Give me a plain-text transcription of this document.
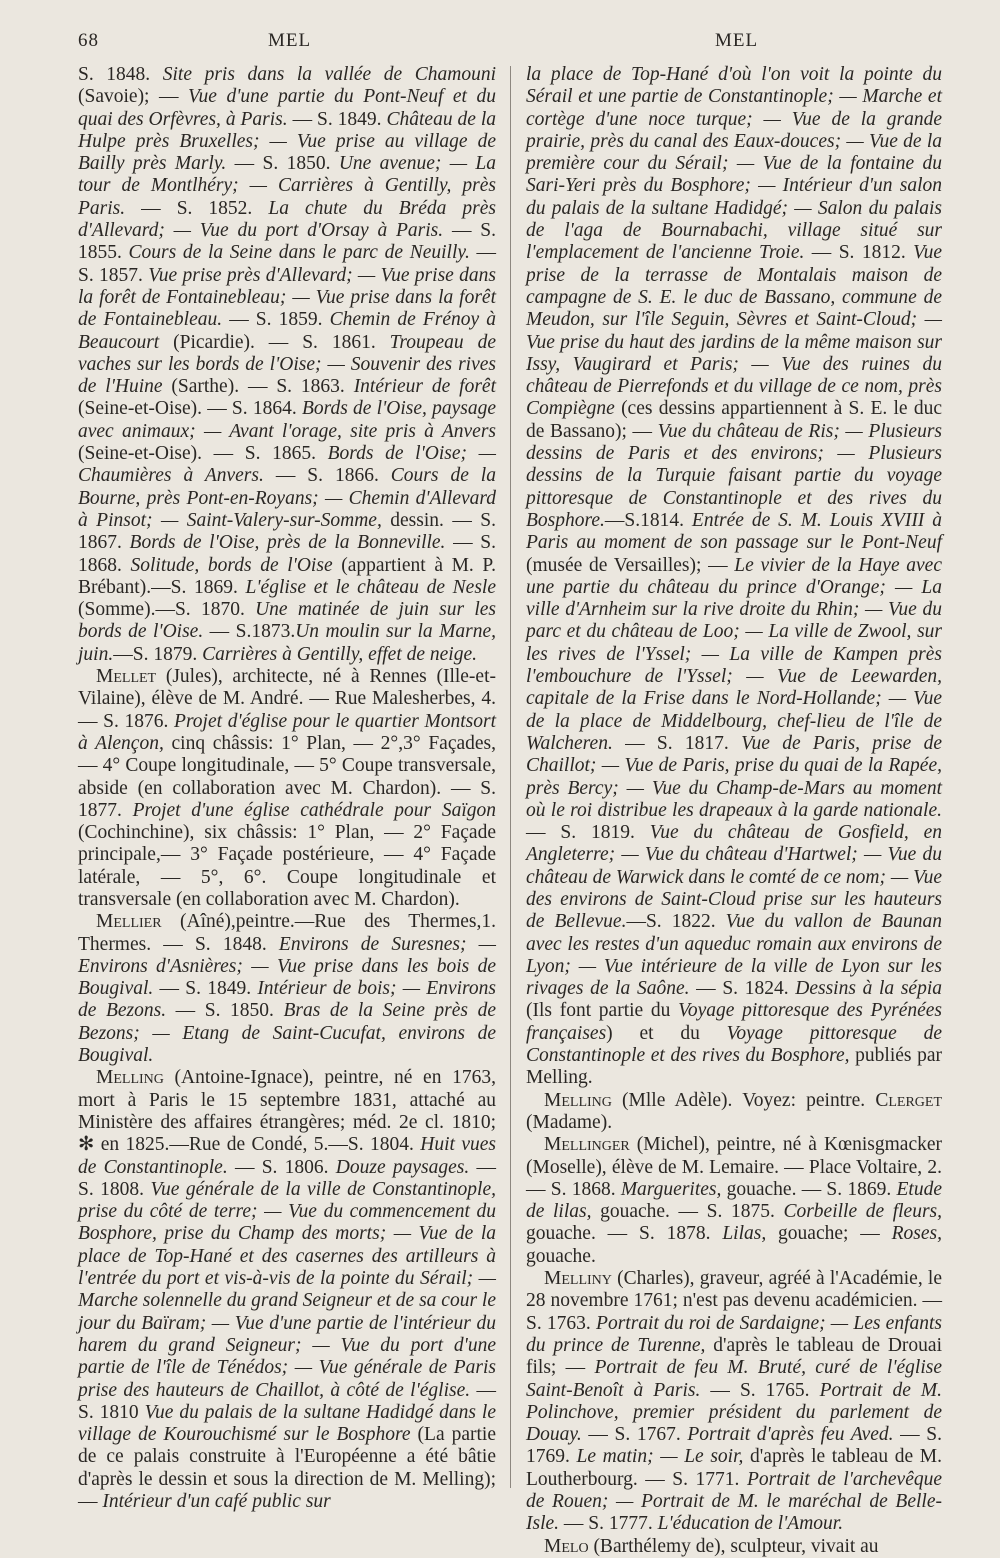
68	MEL	MEL

S. 1848. Site pris dans la vallée de Chamouni (Savoie); — Vue d'une partie du Pont-Neuf et du quai des Orfèvres, à Paris. — S. 1849. Château de la Hulpe près Bruxelles; — Vue prise au village de Bailly près Marly. — S. 1850. Une avenue; — La tour de Montlhéry; — Carrières à Gentilly, près Paris. — S. 1852. La chute du Bréda près d'Allevard; — Vue du port d'Orsay à Paris. — S. 1855. Cours de la Seine dans le parc de Neuilly. — S. 1857. Vue prise près d'Allevard; — Vue prise dans la forêt de Fontainebleau; — Vue prise dans la forêt de Fontainebleau. — S. 1859. Chemin de Frénoy à Beaucourt (Picardie). — S. 1861. Troupeau de vaches sur les bords de l'Oise; — Souvenir des rives de l'Huine (Sarthe). — S. 1863. Intérieur de forêt (Seine-et-Oise). — S. 1864. Bords de l'Oise, paysage avec animaux; — Avant l'orage, site pris à Anvers (Seine-et-Oise). — S. 1865. Bords de l'Oise; — Chaumières à Anvers. — S. 1866. Cours de la Bourne, près Pont-en-Royans; — Chemin d'Allevard à Pinsot; — Saint-Valery-sur-Somme, dessin. — S. 1867. Bords de l'Oise, près de la Bonneville. — S. 1868. Solitude, bords de l'Oise (appartient à M. P. Brébant).—S. 1869. L'église et le château de Nesle (Somme).—S. 1870. Une matinée de juin sur les bords de l'Oise. — S.1873.Un moulin sur la Marne, juin.—S. 1879. Carrières à Gentilly, effet de neige.

Mellet (Jules), architecte, né à Rennes (Ille-et-Vilaine), élève de M. André. — Rue Malesherbes, 4. — S. 1876. Projet d'église pour le quartier Montsort à Alençon, cinq châssis: 1° Plan, — 2°,3° Façades, — 4° Coupe longitudinale, — 5° Coupe transversale, abside (en collaboration avec M. Chardon). — S. 1877. Projet d'une église cathédrale pour Saïgon (Cochinchine), six châssis: 1° Plan, — 2° Façade principale,— 3° Façade postérieure, — 4° Façade latérale, — 5°, 6°. Coupe longitudinale et transversale (en collaboration avec M. Chardon).

Mellier (Aîné),peintre.—Rue des Thermes,1. Thermes. — S. 1848. Environs de Suresnes; — Environs d'Asnières; — Vue prise dans les bois de Bougival. — S. 1849. Intérieur de bois; — Environs de Bezons. — S. 1850. Bras de la Seine près de Bezons; — Etang de Saint-Cucufat, environs de Bougival.

Melling (Antoine-Ignace), peintre, né en 1763, mort à Paris le 15 septembre 1831, attaché au Ministère des affaires étrangères; méd. 2e cl. 1810; ✻ en 1825.—Rue de Condé, 5.—S. 1804. Huit vues de Constantinople. — S. 1806. Douze paysages. — S. 1808. Vue générale de la ville de Constantinople, prise du côté de terre; — Vue du commencement du Bosphore, prise du Champ des morts; — Vue de la place de Top-Hané et des casernes des artilleurs à l'entrée du port et vis-à-vis de la pointe du Sérail; — Marche solennelle du grand Seigneur et de sa cour le jour du Baïram; — Vue d'une partie de l'intérieur du harem du grand Seigneur; — Vue du port d'une partie de l'île de Ténédos; — Vue générale de Paris prise des hauteurs de Chaillot, à côté de l'église. — S. 1810 Vue du palais de la sultane Hadidgé dans le village de Kourouchismé sur le Bosphore (La partie de ce palais construite à l'Européenne a été bâtie d'après le dessin et sous la direction de M. Melling); — Intérieur d'un café public sur

la place de Top-Hané d'où l'on voit la pointe du Sérail et une partie de Constantinople; — Marche et cortège d'une noce turque; — Vue de la grande prairie, près du canal des Eaux-douces; — Vue de la première cour du Sérail; — Vue de la fontaine du Sari-Yeri près du Bosphore; — Intérieur d'un salon du palais de la sultane Hadidgé; — Salon du palais de l'aga de Bournabachi, village situé sur l'emplacement de l'ancienne Troie. — S. 1812. Vue prise de la terrasse de Montalais maison de campagne de S. E. le duc de Bassano, commune de Meudon, sur l'île Seguin, Sèvres et Saint-Cloud; — Vue prise du haut des jardins de la même maison sur Issy, Vaugirard et Paris; — Vue des ruines du château de Pierrefonds et du village de ce nom, près Compiègne (ces dessins appartiennent à S. E. le duc de Bassano); — Vue du château de Ris; — Plusieurs dessins de Paris et des environs; — Plusieurs dessins de la Turquie faisant partie du voyage pittoresque de Constantinople et des rives du Bosphore.—S.1814. Entrée de S. M. Louis XVIII à Paris au moment de son passage sur le Pont-Neuf (musée de Versailles); — Le vivier de la Haye avec une partie du château du prince d'Orange; — La ville d'Arnheim sur la rive droite du Rhin; — Vue du parc et du château de Loo; — La ville de Zwool, sur les rives de l'Yssel; — La ville de Kampen près l'embouchure de l'Yssel; — Vue de Leewarden, capitale de la Frise dans le Nord-Hollande; — Vue de la place de Middelbourg, chef-lieu de l'île de Walcheren. — S. 1817. Vue de Paris, prise de Chaillot; — Vue de Paris, prise du quai de la Rapée, près Bercy; — Vue du Champ-de-Mars au moment où le roi distribue les drapeaux à la garde nationale. — S. 1819. Vue du château de Gosfield, en Angleterre; — Vue du château d'Hartwel; — Vue du château de Warwick dans le comté de ce nom; — Vue des environs de Saint-Cloud prise sur les hauteurs de Bellevue.—S. 1822. Vue du vallon de Baunan avec les restes d'un aqueduc romain aux environs de Lyon; — Vue intérieure de la ville de Lyon sur les rivages de la Saône. — S. 1824. Dessins à la sépia (Ils font partie du Voyage pittoresque des Pyrénées françaises) et du Voyage pittoresque de Constantinople et des rives du Bosphore, publiés par Melling.

Melling (Mlle Adèle). Voyez: peintre. Clerget (Madame).

Mellinger (Michel), peintre, né à Kœnisgmacker (Moselle), élève de M. Lemaire. — Place Voltaire, 2. — S. 1868. Marguerites, gouache. — S. 1869. Etude de lilas, gouache. — S. 1875. Corbeille de fleurs, gouache. — S. 1878. Lilas, gouache; — Roses, gouache.

Melliny (Charles), graveur, agréé à l'Académie, le 28 novembre 1761; n'est pas devenu académicien. — S. 1763. Portrait du roi de Sardaigne; — Les enfants du prince de Turenne, d'après le tableau de Drouai fils; — Portrait de feu M. Bruté, curé de l'église Saint-Benoît à Paris. — S. 1765. Portrait de M. Polinchove, premier président du parlement de Douay. — S. 1767. Portrait d'après feu Aved. — S. 1769. Le matin; — Le soir, d'après le tableau de M. Loutherbourg. — S. 1771. Portrait de l'archevêque de Rouen; — Portrait de M. le maréchal de Belle-Isle. — S. 1777. L'éducation de l'Amour.

Melo (Barthélemy de), sculpteur, vivait au
